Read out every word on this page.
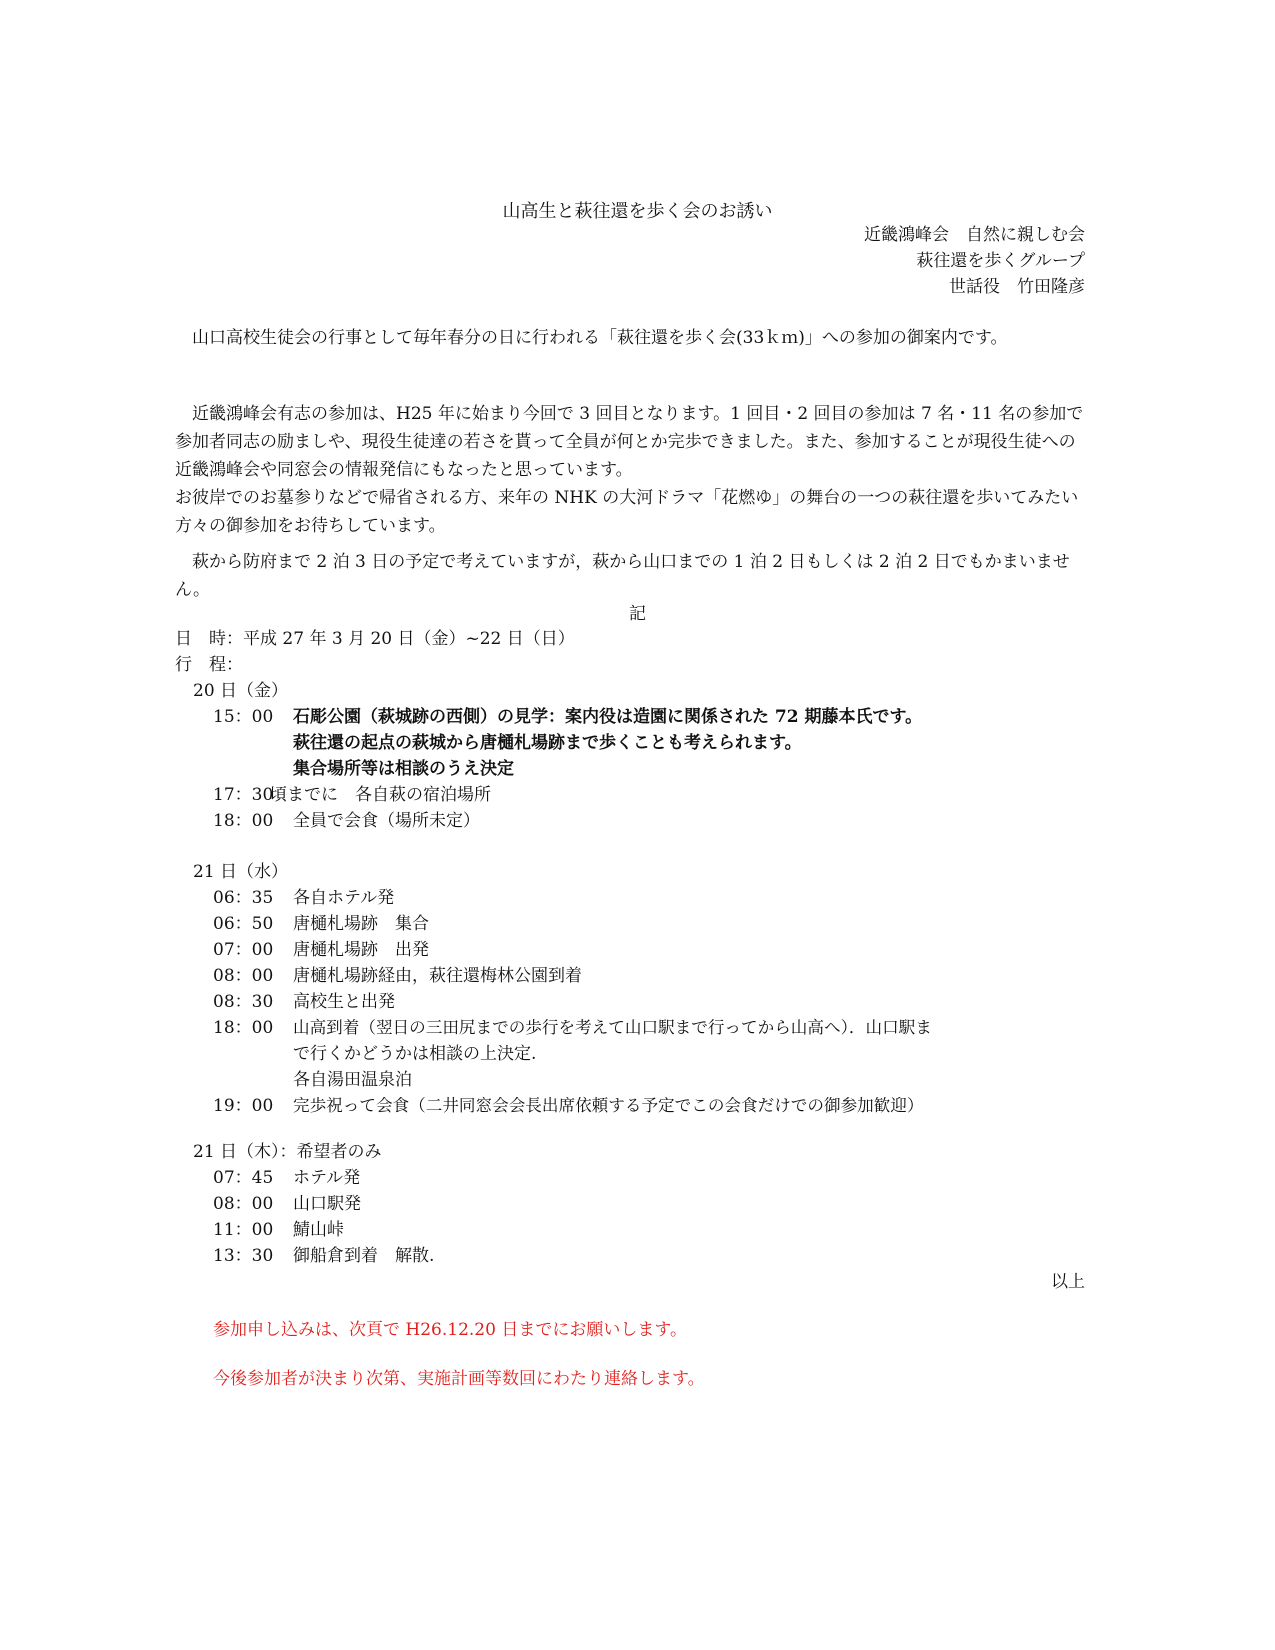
山高生と萩往還を歩く会のお誘い
近畿鴻峰会　自然に親しむ会
萩往還を歩くグループ
世話役　竹田隆彦
　山口高校生徒会の行事として毎年春分の日に行われる「萩往還を歩く会(33ｋｍ)」への参加の御案内です。
　近畿鴻峰会有志の参加は、H25 年に始まり今回で 3 回目となります。1 回目・2 回目の参加は 7 名・11 名の参加で参加者同志の励ましや、現役生徒達の若さを貰って全員が何とか完歩できました。また、参加することが現役生徒への近畿鴻峰会や同窓会の情報発信にもなったと思っています。
お彼岸でのお墓参りなどで帰省される方、来年の NHK の大河ドラマ「花燃ゆ」の舞台の一つの萩往還を歩いてみたい方々の御参加をお待ちしています。
　萩から防府まで 2 泊 3 日の予定で考えていますが，萩から山口までの 1 泊 2 日もしくは 2 泊 2 日でもかまいません。
記
日　時：平成 27 年 3 月 20 日（金）~22 日（日）
行　程：
20 日（金）
15：00 石彫公園（萩城跡の西側）の見学：案内役は造園に関係された 72 期藤本氏です。
萩往還の起点の萩城から唐樋札場跡まで歩くことも考えられます。
集合場所等は相談のうえ決定
17：30
頃までに　各自萩の宿泊場所
18：00 全員で会食（場所未定）
21 日（水）
06：35 各自ホテル発
06：50 唐樋札場跡　集合
07：00 唐樋札場跡　出発
08：00 唐樋札場跡経由，萩往還梅林公園到着
08：30 高校生と出発
18：00 山高到着（翌日の三田尻までの歩行を考えて山口駅まで行ってから山高へ）．山口駅ま
で行くかどうかは相談の上決定.
各自湯田温泉泊
19：00 完歩祝って会食（二井同窓会会長出席依頼する予定でこの会食だけでの御参加歓迎）
21 日（木）：希望者のみ
07：45 ホテル発
08：00 山口駅発
11：00 鯖山峠
13：30 御船倉到着　解散.
以上
参加申し込みは、次頁で H26.12.20 日までにお願いします。
今後参加者が決まり次第、実施計画等数回にわたり連絡します。
